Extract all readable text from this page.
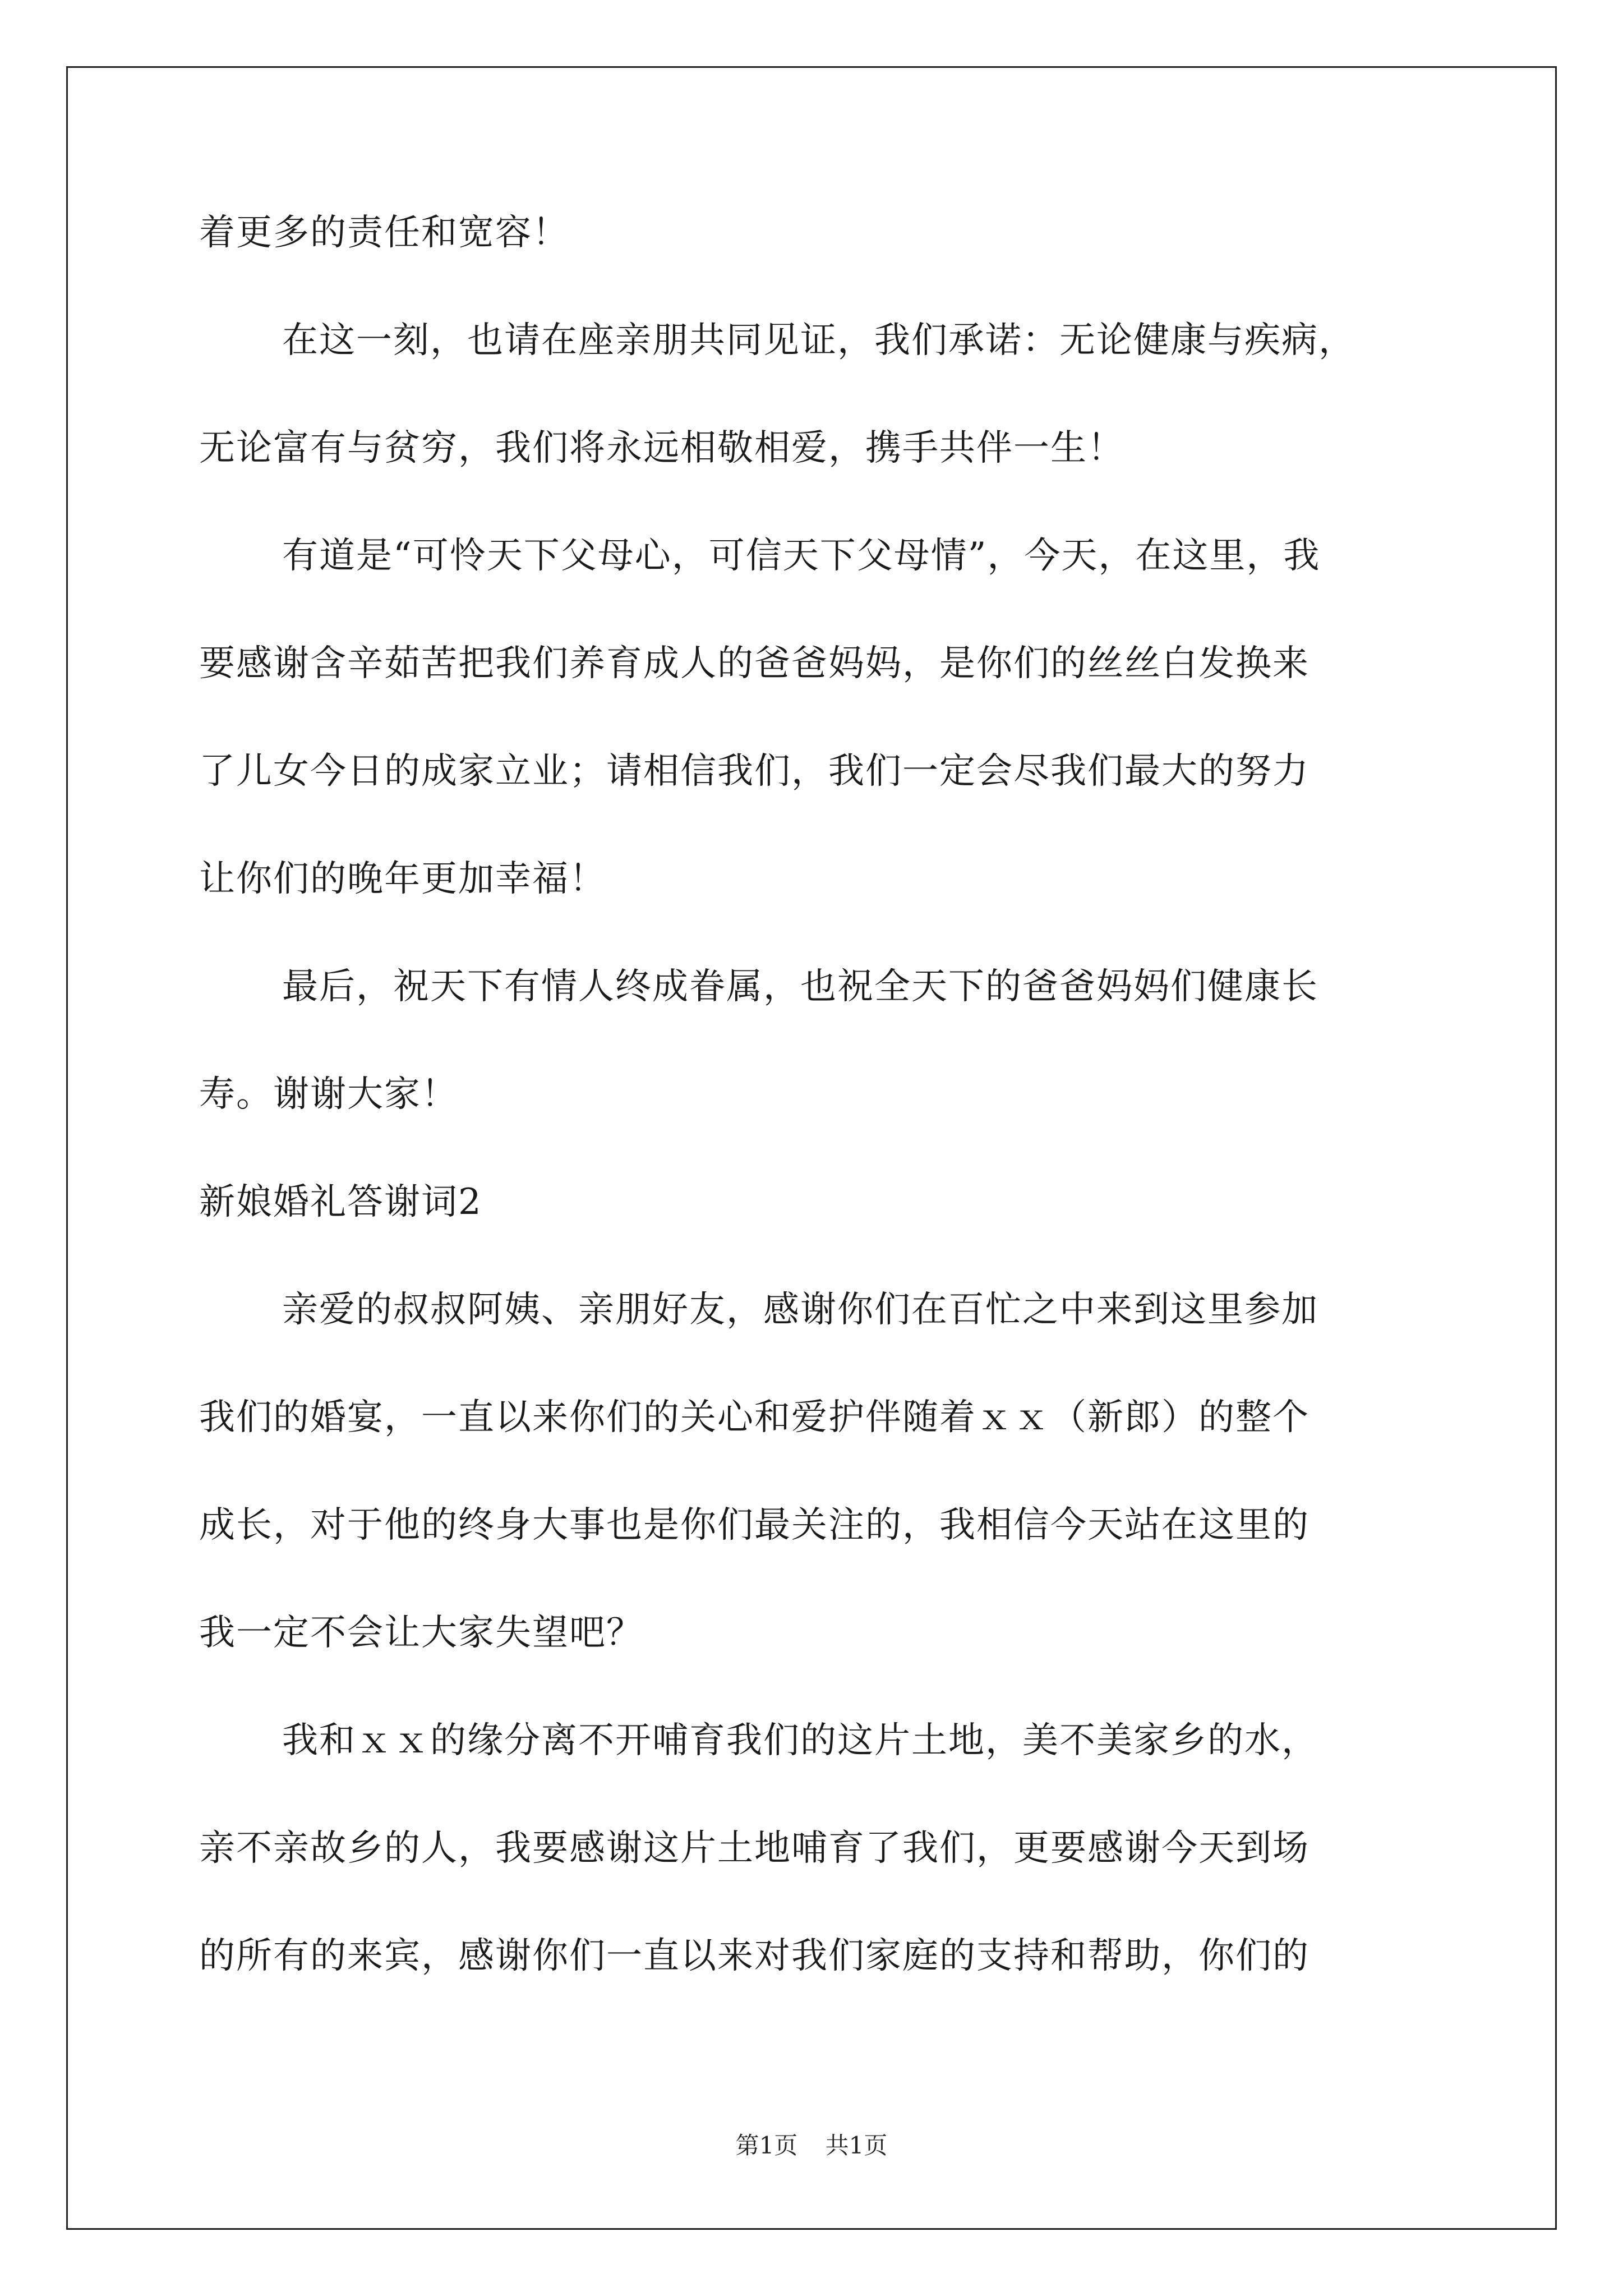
着更多的责任和宽容！
在这一刻，也请在座亲朋共同见证，我们承诺：无论健康与疾病，
无论富有与贫穷，我们将永远相敬相爱，携手共伴一生！
有道是“可怜天下父母心，可信天下父母情”，今天，在这里，我
要感谢含辛茹苦把我们养育成人的爸爸妈妈，是你们的丝丝白发换来
了儿女今日的成家立业；请相信我们，我们一定会尽我们最大的努力
让你们的晚年更加幸福！
最后，祝天下有情人终成眷属，也祝全天下的爸爸妈妈们健康长
寿。谢谢大家！
新娘婚礼答谢词2
亲爱的叔叔阿姨、亲朋好友，感谢你们在百忙之中来到这里参加
我们的婚宴，一直以来你们的关心和爱护伴随着ｘｘ（新郎）的整个
成长，对于他的终身大事也是你们最关注的，我相信今天站在这里的
我一定不会让大家失望吧？
我和ｘｘ的缘分离不开哺育我们的这片土地，美不美家乡的水，
亲不亲故乡的人，我要感谢这片土地哺育了我们，更要感谢今天到场
的所有的来宾，感谢你们一直以来对我们家庭的支持和帮助，你们的
第1页 共1页
